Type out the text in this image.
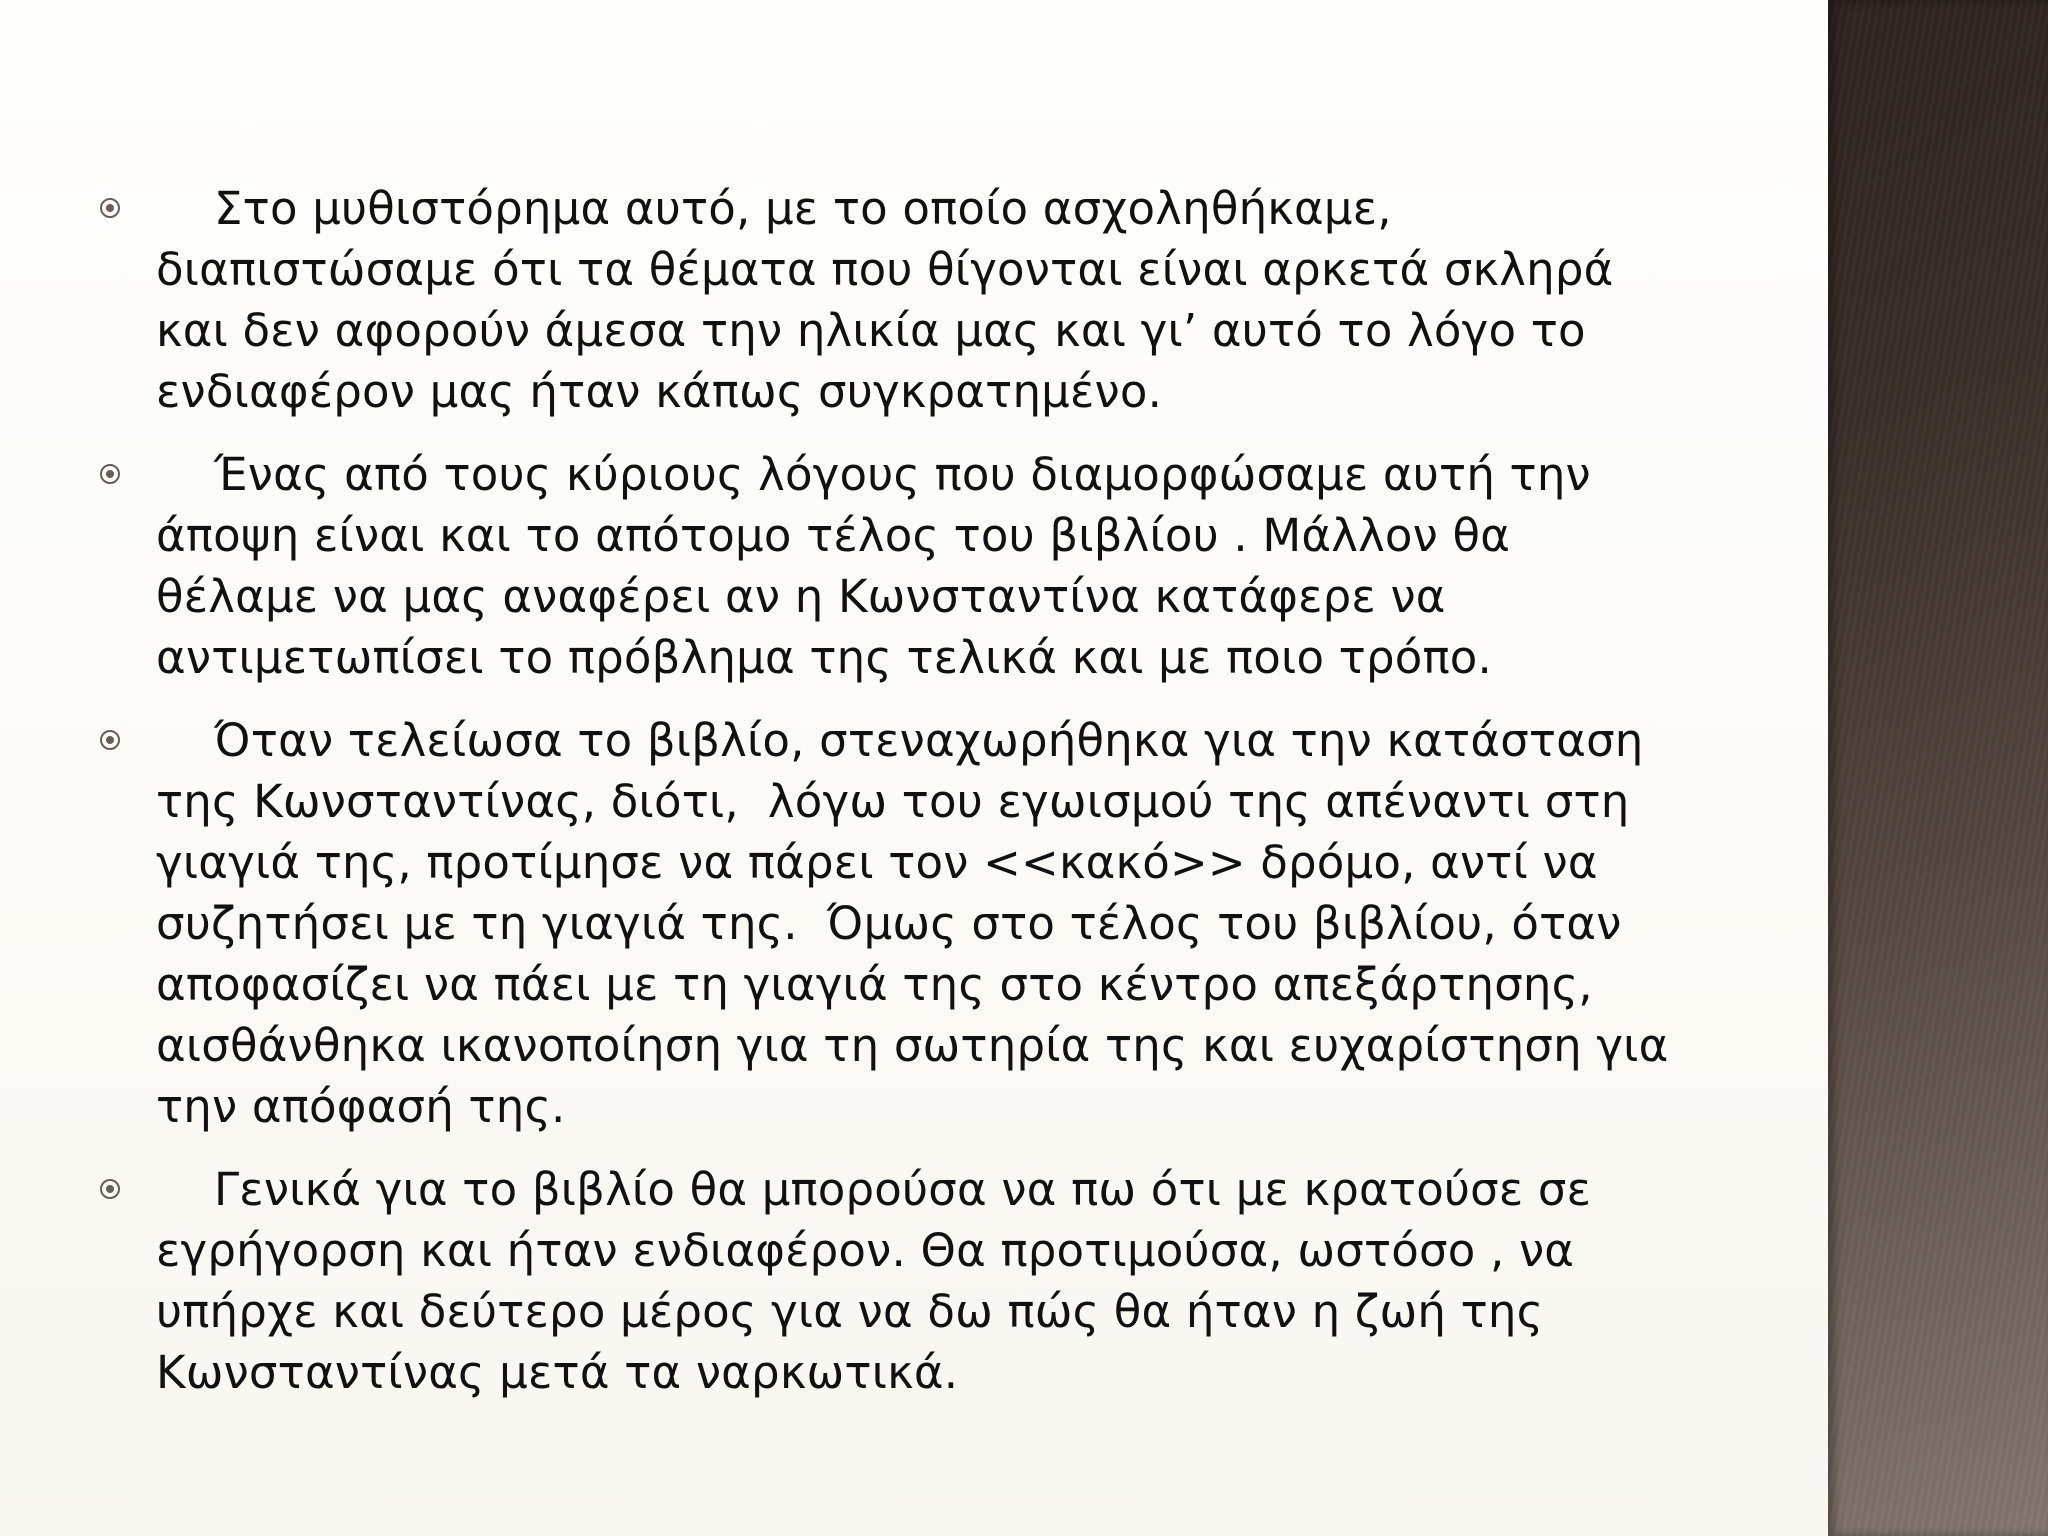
Στο μυθιστόρημα αυτό, με το οποίο ασχοληθήκαμε,
διαπιστώσαμε ότι τα θέματα που θίγονται είναι αρκετά σκληρά
και δεν αφορούν άμεσα την ηλικία μας και γι’ αυτό το λόγο το
ενδιαφέρον μας ήταν κάπως συγκρατημένο.
Ένας από τους κύριους λόγους που διαμορφώσαμε αυτή την
άποψη είναι και το απότομο τέλος του βιβλίου . Μάλλον θα
θέλαμε να μας αναφέρει αν η Κωνσταντίνα κατάφερε να
αντιμετωπίσει το πρόβλημα της τελικά και με ποιο τρόπο.
Όταν τελείωσα το βιβλίο, στεναχωρήθηκα για την κατάσταση
της Κωνσταντίνας, διότι,  λόγω του εγωισμού της απέναντι στη
γιαγιά της, προτίμησε να πάρει τον <<κακό>> δρόμο, αντί να
συζητήσει με τη γιαγιά της.  Όμως στο τέλος του βιβλίου, όταν
αποφασίζει να πάει με τη γιαγιά της στο κέντρο απεξάρτησης,
αισθάνθηκα ικανοποίηση για τη σωτηρία της και ευχαρίστηση για
την απόφασή της.
Γενικά για το βιβλίο θα μπορούσα να πω ότι με κρατούσε σε
εγρήγορση και ήταν ενδιαφέρον. Θα προτιμούσα, ωστόσο , να
υπήρχε και δεύτερο μέρος για να δω πώς θα ήταν η ζωή της
Κωνσταντίνας μετά τα ναρκωτικά.
